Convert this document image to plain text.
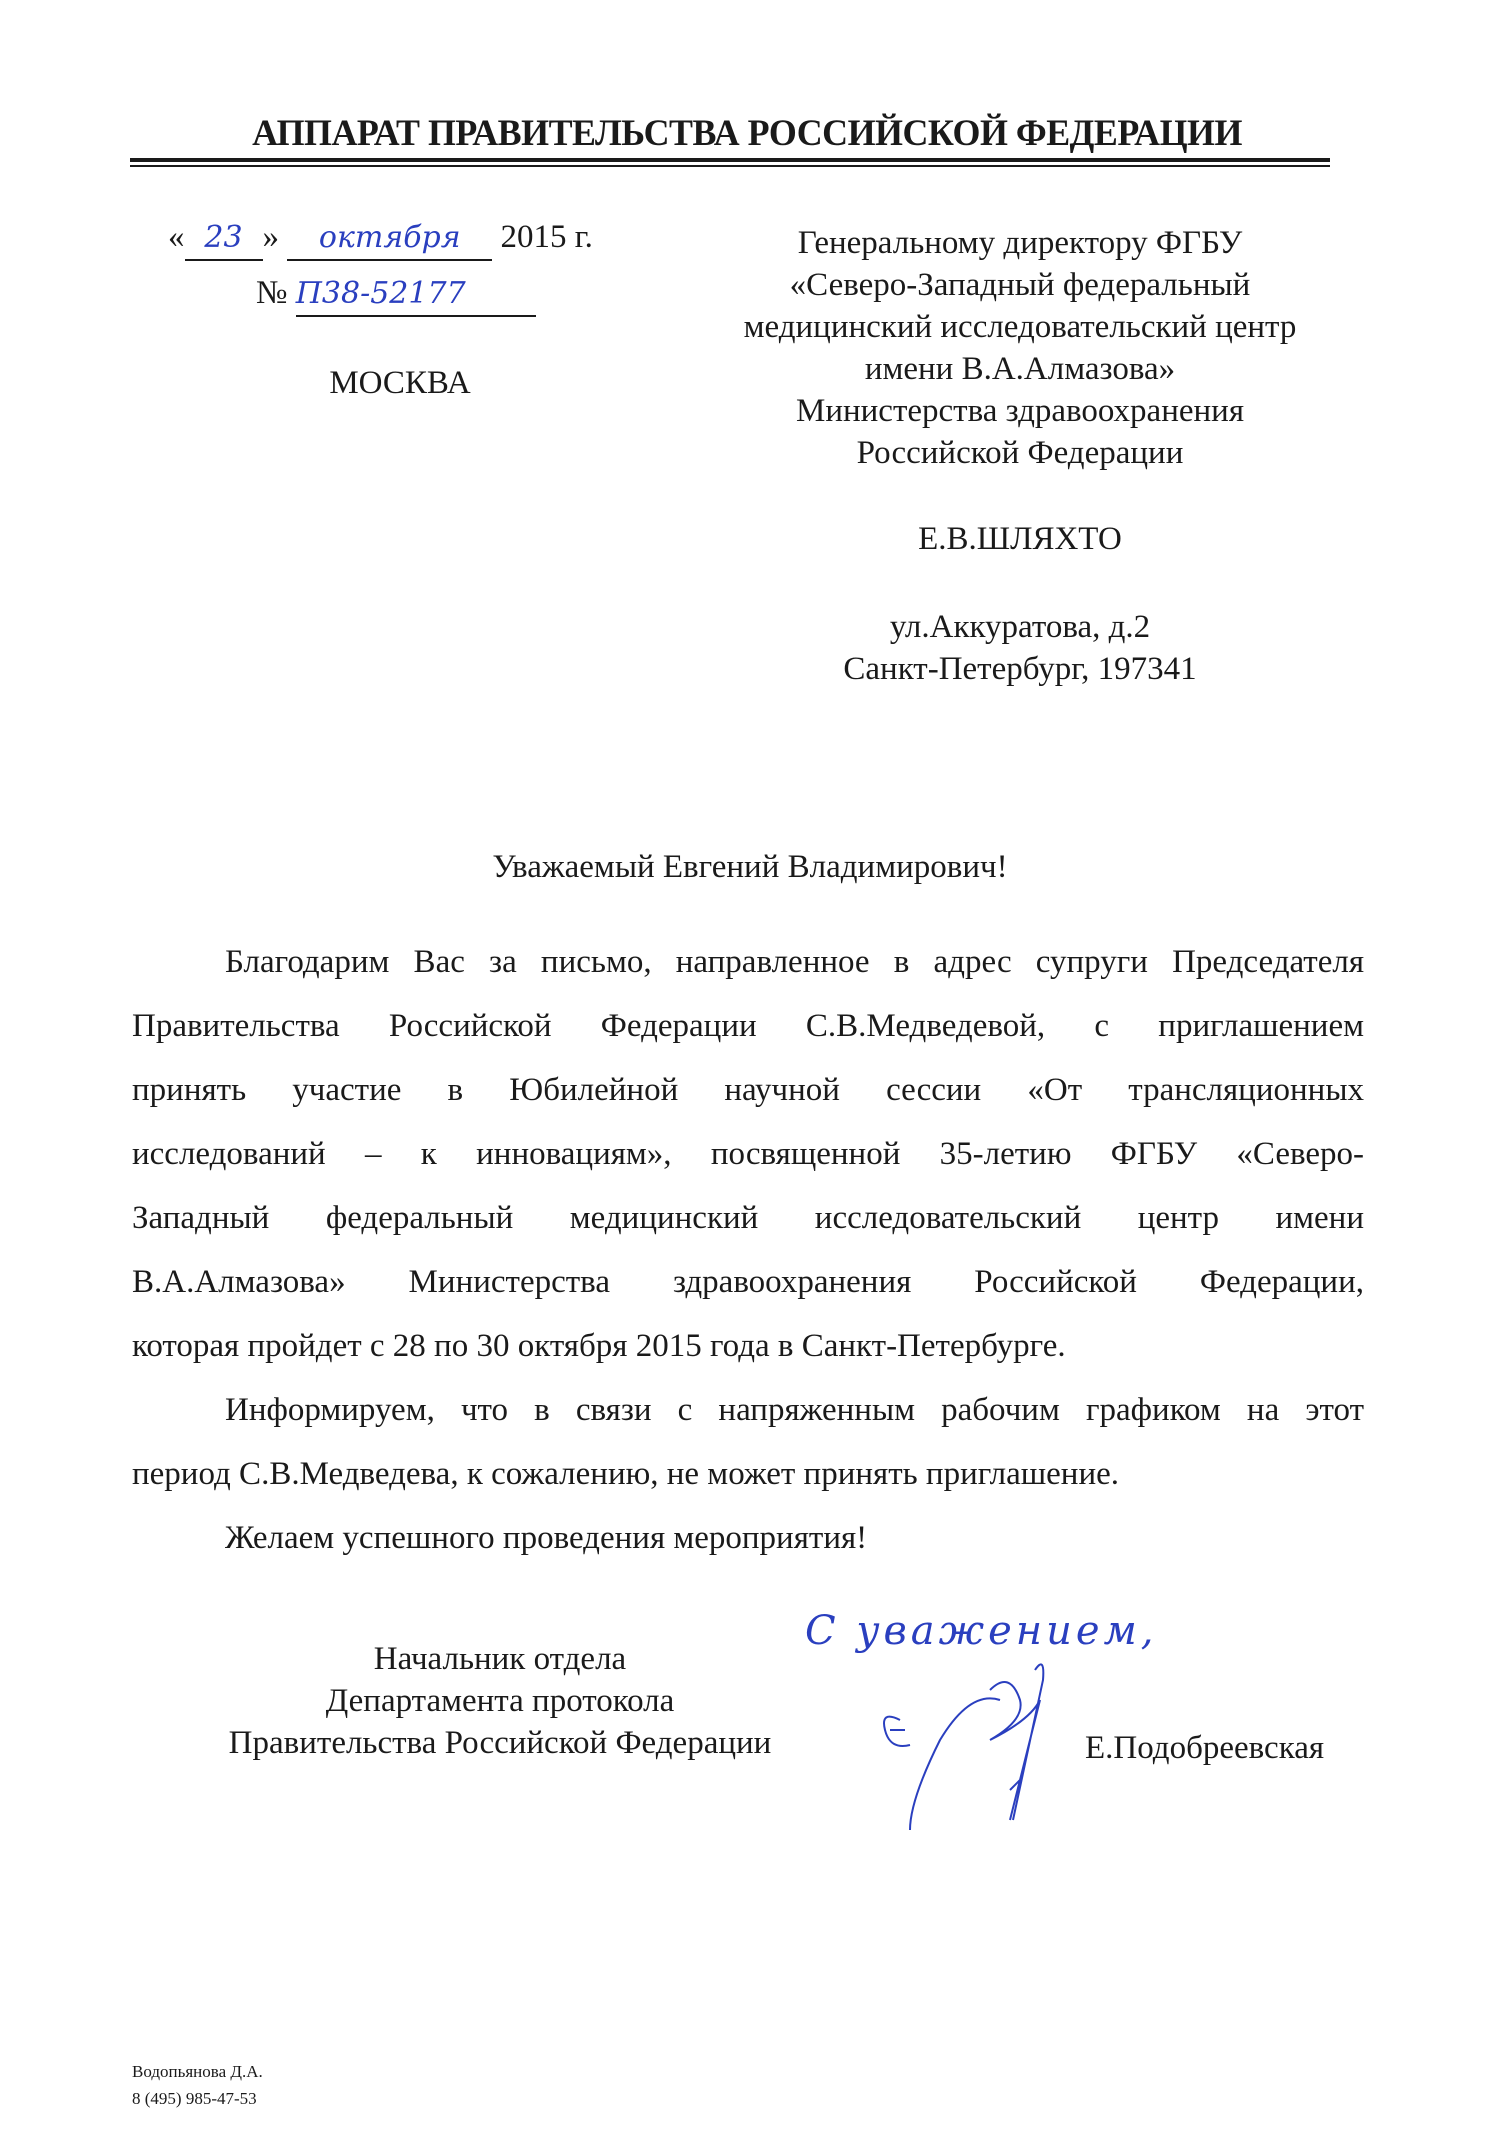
АППАРАТ ПРАВИТЕЛЬСТВА РОССИЙСКОЙ ФЕДЕРАЦИИ
« 23 » октября 2015 г.
№ П38-52177
МОСКВА
Генеральному директору ФГБУ
«Северо-Западный федеральный
медицинский исследовательский центр
имени В.А.Алмазова»
Министерства здравоохранения
Российской Федерации
Е.В.ШЛЯХТО
ул.Аккуратова, д.2
Санкт-Петербург, 197341
Уважаемый Евгений Владимирович!
Благодарим Вас за письмо, направленное в адрес супруги Председателя
Правительства Российской Федерации С.В.Медведевой, с приглашением
принять участие в Юбилейной научной сессии «От трансляционных
исследований – к инновациям», посвященной 35-летию ФГБУ «Северо-
Западный федеральный медицинский исследовательский центр имени
В.А.Алмазова» Министерства здравоохранения Российской Федерации,
которая пройдет с 28 по 30 октября 2015 года в Санкт-Петербурге.
Информируем, что в связи с напряженным рабочим графиком на этот
период С.В.Медведева, к сожалению, не может принять приглашение.
Желаем успешного проведения мероприятия!
Начальник отдела
Департамента протокола
Правительства Российской Федерации
С уважением,
Е.Подобреевская
Водопьянова Д.А.
8 (495) 985-47-53
